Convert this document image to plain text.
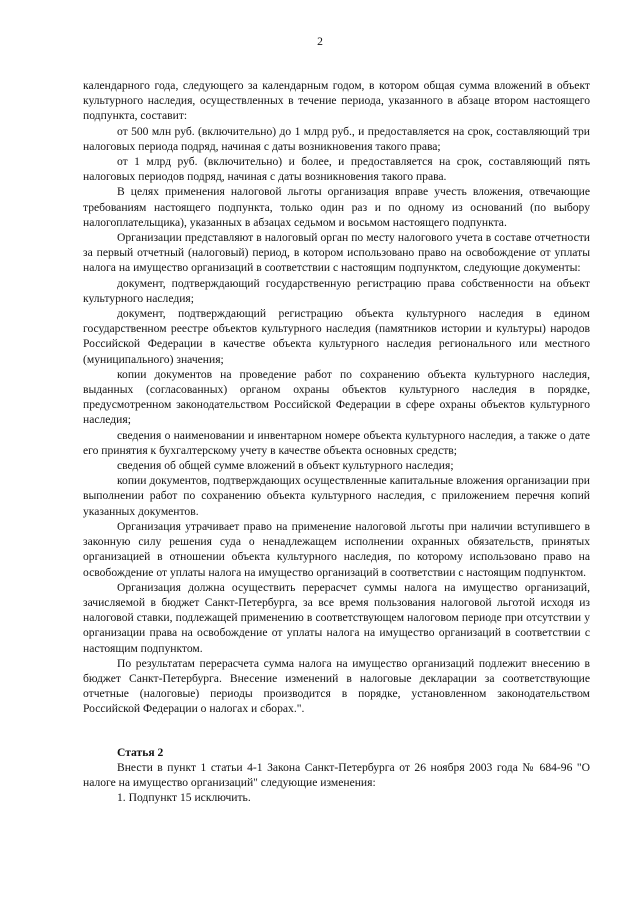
2

календарного года, следующего за календарным годом, в котором общая сумма вложений в объект культурного наследия, осуществленных в течение периода, указанного в абзаце втором настоящего подпункта, составит:

от 500 млн руб. (включительно) до 1 млрд руб., и предоставляется на срок, составляющий три налоговых периода подряд, начиная с даты возникновения такого права;

от 1 млрд руб. (включительно) и более, и предоставляется на срок, составляющий пять налоговых периодов подряд, начиная с даты возникновения такого права.

В целях применения налоговой льготы организация вправе учесть вложения, отвечающие требованиям настоящего подпункта, только один раз и по одному из оснований (по выбору налогоплательщика), указанных в абзацах седьмом и восьмом настоящего подпункта.

Организации представляют в налоговый орган по месту налогового учета в составе отчетности за первый отчетный (налоговый) период, в котором использовано право на освобождение от уплаты налога на имущество организаций в соответствии с настоящим подпунктом, следующие документы:

документ, подтверждающий государственную регистрацию права собственности на объект культурного наследия;

документ, подтверждающий регистрацию объекта культурного наследия в едином государственном реестре объектов культурного наследия (памятников истории и культуры) народов Российской Федерации в качестве объекта культурного наследия регионального или местного (муниципального) значения;

копии документов на проведение работ по сохранению объекта культурного наследия, выданных (согласованных) органом охраны объектов культурного наследия в порядке, предусмотренном законодательством Российской Федерации в сфере охраны объектов культурного наследия;

сведения о наименовании и инвентарном номере объекта культурного наследия, а также о дате его принятия к бухгалтерскому учету в качестве объекта основных средств;

сведения об общей сумме вложений в объект культурного наследия;

копии документов, подтверждающих осуществленные капитальные вложения организации при выполнении работ по сохранению объекта культурного наследия, с приложением перечня копий указанных документов.

Организация утрачивает право на применение налоговой льготы при наличии вступившего в законную силу решения суда о ненадлежащем исполнении охранных обязательств, принятых организацией в отношении объекта культурного наследия, по которому использовано право на освобождение от уплаты налога на имущество организаций в соответствии с настоящим подпунктом.

Организация должна осуществить перерасчет суммы налога на имущество организаций, зачисляемой в бюджет Санкт-Петербурга, за все время пользования налоговой льготой исходя из налоговой ставки, подлежащей применению в соответствующем налоговом периоде при отсутствии у организации права на освобождение от уплаты налога на имущество организаций в соответствии с настоящим подпунктом.

По результатам перерасчета сумма налога на имущество организаций подлежит внесению в бюджет Санкт-Петербурга. Внесение изменений в налоговые декларации за соответствующие отчетные (налоговые) периоды производится в порядке, установленном законодательством Российской Федерации о налогах и сборах.".

Статья 2

Внести в пункт 1 статьи 4-1 Закона Санкт-Петербурга от 26 ноября 2003 года № 684-96 "О налоге на имущество организаций" следующие изменения:

1. Подпункт 15 исключить.
